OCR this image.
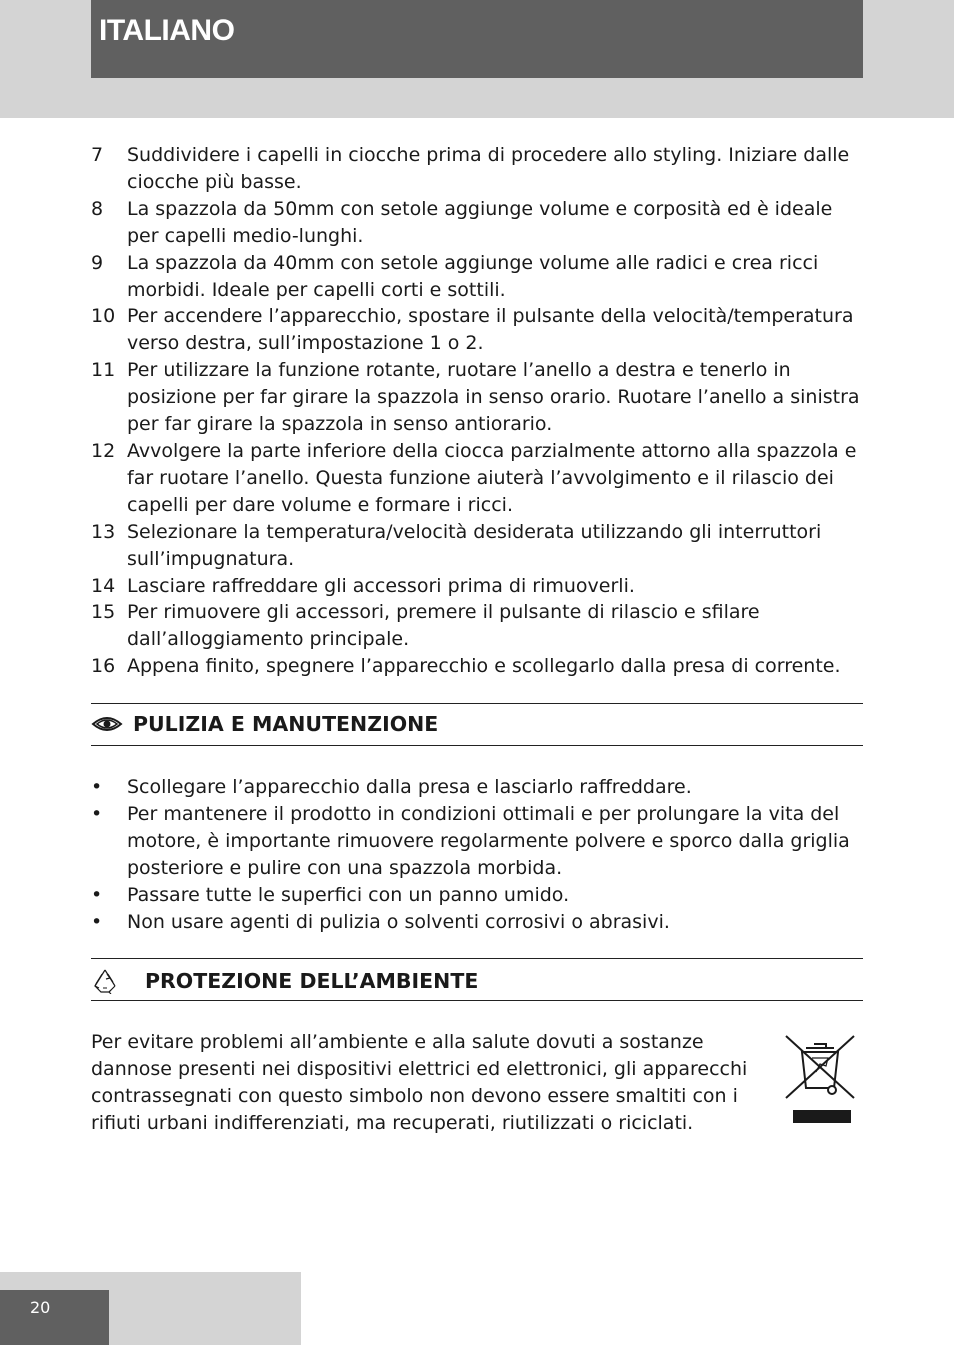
ITALIANO
7	Suddividere i capelli in ciocche prima di procedere allo styling. Iniziare dalle ciocche più basse.
8	La spazzola da 50mm con setole aggiunge volume e corposità ed è ideale per capelli medio-lunghi.
9	La spazzola da 40mm con setole aggiunge volume alle radici e crea ricci morbidi. Ideale per capelli corti e sottili.
10 Per accendere l’apparecchio, spostare il pulsante della velocità/temperatura verso destra, sull’impostazione 1 o 2.
11 Per utilizzare la funzione rotante, ruotare l’anello a destra e tenerlo in posizione per far girare la spazzola in senso orario. Ruotare l’anello a sinistra per far girare la spazzola in senso antiorario.
12 Avvolgere la parte inferiore della ciocca parzialmente attorno alla spazzola e far ruotare l’anello. Questa funzione aiuterà l’avvolgimento e il rilascio dei capelli per dare volume e formare i ricci.
13 Selezionare la temperatura/velocità desiderata utilizzando gli interruttori sull’impugnatura.
14 Lasciare raffreddare gli accessori prima di rimuoverli.
15 Per rimuovere gli accessori, premere il pulsante di rilascio e sfilare dall’alloggiamento principale.
16 Appena finito, spegnere l’apparecchio e scollegarlo dalla presa di corrente.
PULIZIA E MANUTENZIONE
•	Scollegare l’apparecchio dalla presa e lasciarlo raffreddare.
•	Per mantenere il prodotto in condizioni ottimali e per prolungare la vita del motore, è importante rimuovere regolarmente polvere e sporco dalla griglia posteriore e pulire con una spazzola morbida.
•	Passare tutte le superfici con un panno umido.
•	Non usare agenti di pulizia o solventi corrosivi o abrasivi.
PROTEZIONE DELL’AMBIENTE
Per evitare problemi all’ambiente e alla salute dovuti a sostanze dannose presenti nei dispositivi elettrici ed elettronici, gli apparecchi contrassegnati con questo simbolo non devono essere smaltiti con i rifiuti urbani indifferenziati, ma recuperati, riutilizzati o riciclati.
20
